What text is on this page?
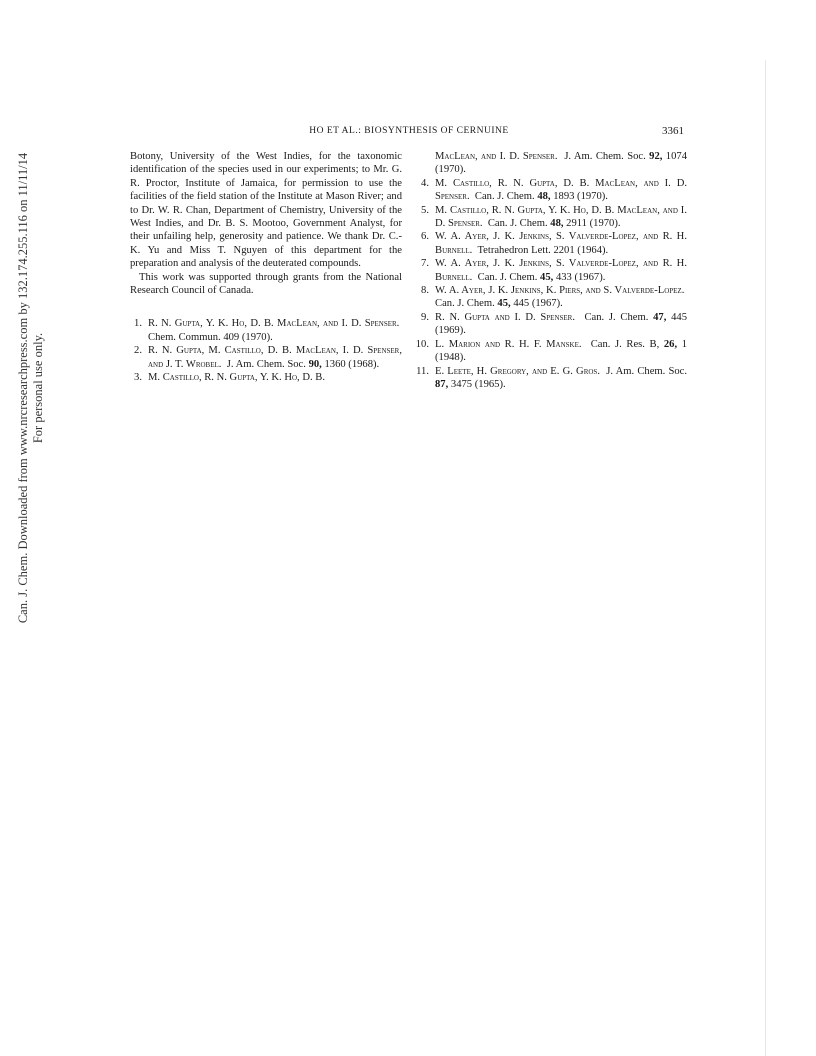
Can. J. Chem. Downloaded from www.nrcresearchpress.com by 132.174.255.116 on 11/11/14 For personal use only.
HO ET AL.: BIOSYNTHESIS OF CERNUINE	3361

Botony, University of the West Indies, for the taxonomic identification of the species used in our experiments; to Mr. G. R. Proctor, Institute of Jamaica, for permission to use the facilities of the field station of the Institute at Mason River; and to Dr. W. R. Chan, Department of Chemistry, University of the West Indies, and Dr. B. S. Mootoo, Government Analyst, for their unfailing help, generosity and patience. We thank Dr. C.-K. Yu and Miss T. Nguyen of this department for the preparation and analysis of the deuterated compounds.

This work was supported through grants from the National Research Council of Canada.

1. R. N. Gupta, Y. K. Ho, D. B. MacLean, and I. D. Spenser.  Chem. Commun. 409 (1970).
2. R. N. Gupta, M. Castillo, D. B. MacLean, I. D. Spenser, and J. T. Wrobel. J. Am. Chem. Soc. 90, 1360 (1968).
3. M. Castillo, R. N. Gupta, Y. K. Ho, D. B.
MacLean, and I. D. Spenser. J. Am. Chem. Soc. 92, 1074 (1970).
4. M. Castillo, R. N. Gupta, D. B. MacLean, and I. D. Spenser. Can. J. Chem. 48, 1893 (1970).
5. M. Castillo, R. N. Gupta, Y. K. Ho, D. B. MacLean, and I. D. Spenser. Can. J. Chem. 48, 2911 (1970).
6. W. A. Ayer, J. K. Jenkins, S. Valverde-Lopez, and R. H. Burnell. Tetrahedron Lett. 2201 (1964).
7. W. A. Ayer, J. K. Jenkins, S. Valverde-Lopez, and R. H. Burnell. Can. J. Chem. 45, 433 (1967).
8. W. A. Ayer, J. K. Jenkins, K. Piers, and S. Valverde-Lopez.  Can. J. Chem. 45, 445 (1967).
9. R. N. Gupta and I. D. Spenser. Can. J. Chem. 47, 445 (1969).
10. L. Marion and R. H. F. Manske. Can. J. Res. B, 26, 1 (1948).
11. E. Leete, H. Gregory, and E. G. Gros. J. Am. Chem. Soc. 87, 3475 (1965).
